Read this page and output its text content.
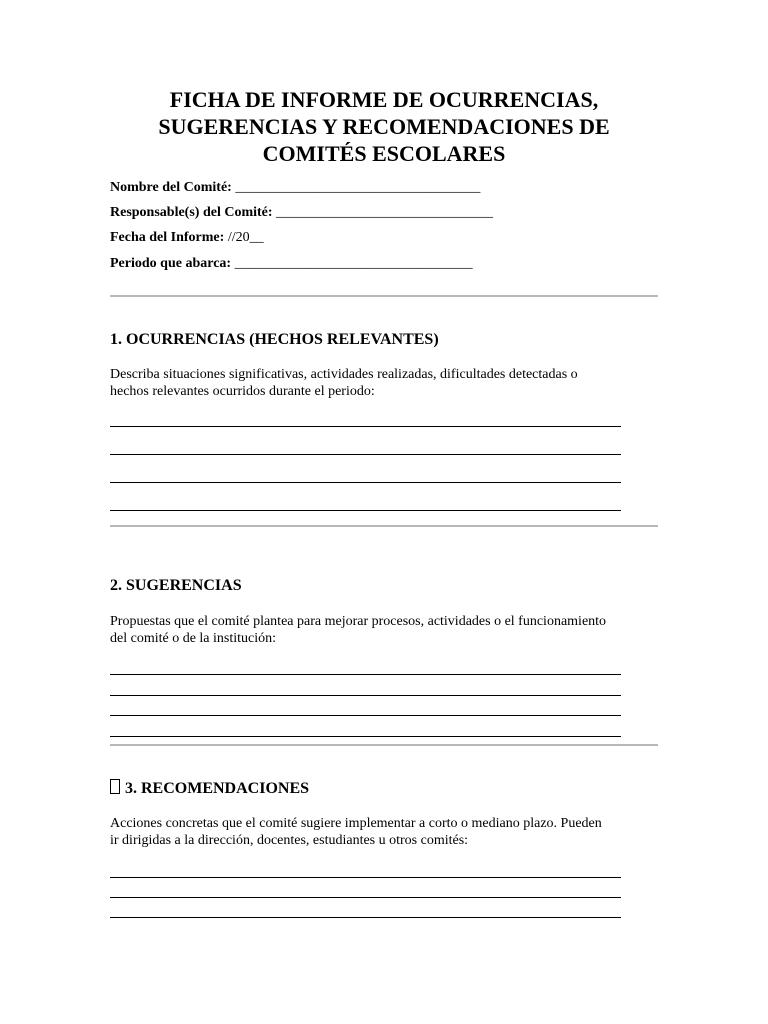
FICHA DE INFORME DE OCURRENCIAS,
SUGERENCIAS Y RECOMENDACIONES DE
COMITÉS ESCOLARES
Nombre del Comité: ___________________________________
Responsable(s) del Comité: _______________________________
Fecha del Informe: //20__
Periodo que abarca: __________________________________
1. OCURRENCIAS (HECHOS RELEVANTES)
Describa situaciones significativas, actividades realizadas, dificultades detectadas o
hechos relevantes ocurridos durante el periodo:
2. SUGERENCIAS
Propuestas que el comité plantea para mejorar procesos, actividades o el funcionamiento
del comité o de la institución:
3. RECOMENDACIONES
Acciones concretas que el comité sugiere implementar a corto o mediano plazo. Pueden
ir dirigidas a la dirección, docentes, estudiantes u otros comités:
